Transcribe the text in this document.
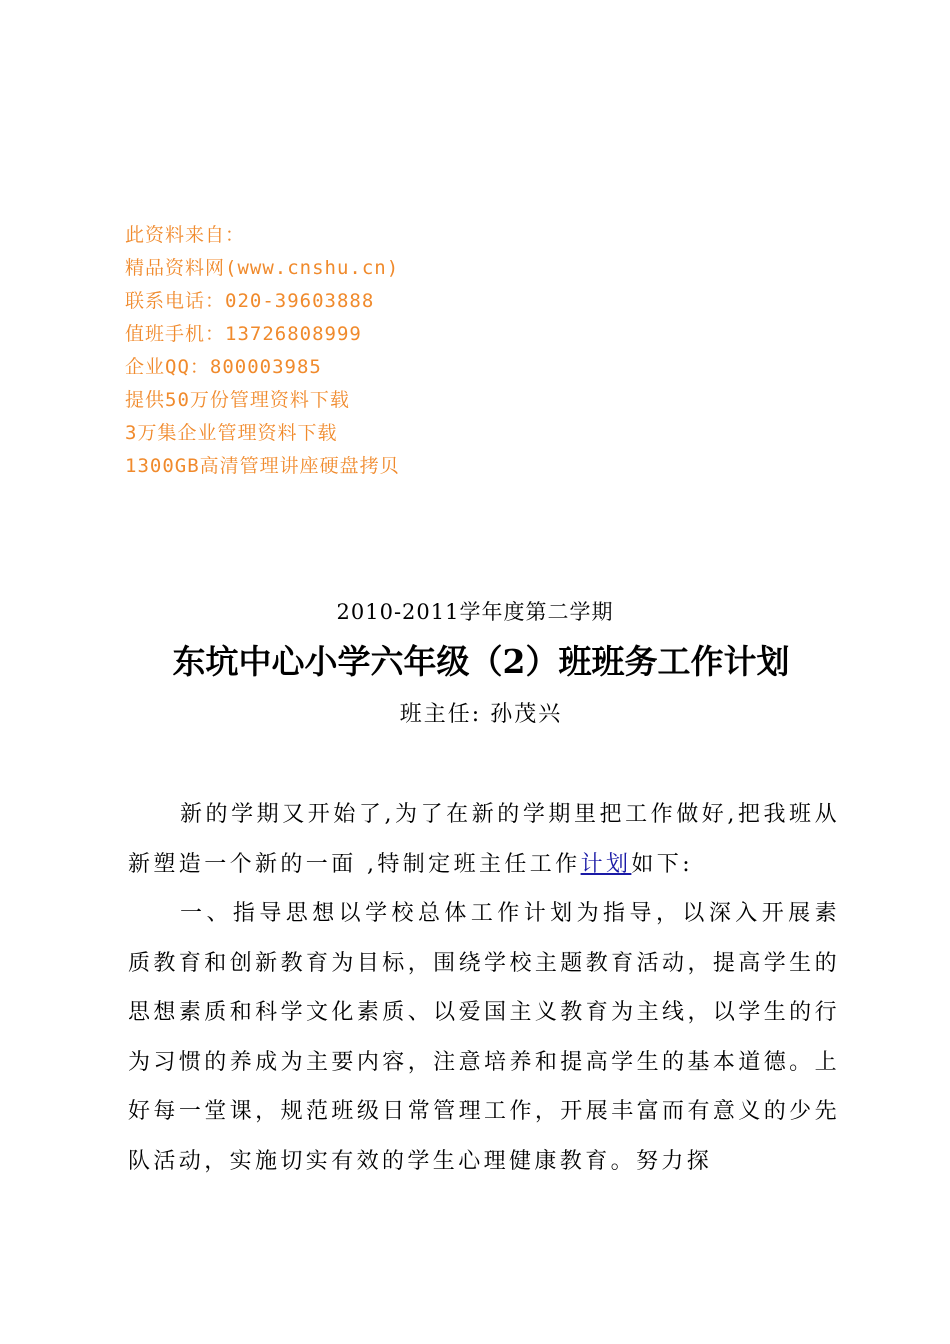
此资料来自：
精品资料网(www.cnshu.cn)
联系电话：020-39603888
值班手机：13726808999
企业QQ：800003985
提供50万份管理资料下载
3万集企业管理资料下载
1300GB高清管理讲座硬盘拷贝
2010-2011学年度第二学期
东坑中心小学六年级（2）班班务工作计划
班主任: 孙茂兴

新的学期又开始了,为了在新的学期里把工作做好,把我班从新塑造一个新的一面 ,特制定班主任工作计划如下:

一、指导思想以学校总体工作计划为指导，以深入开展素质教育和创新教育为目标，围绕学校主题教育活动，提高学生的思想素质和科学文化素质、以爱国主义教育为主线，以学生的行为习惯的养成为主要内容，注意培养和提高学生的基本道德。上好每一堂课，规范班级日常管理工作，开展丰富而有意义的少先队活动，实施切实有效的学生心理健康教育。努力探
